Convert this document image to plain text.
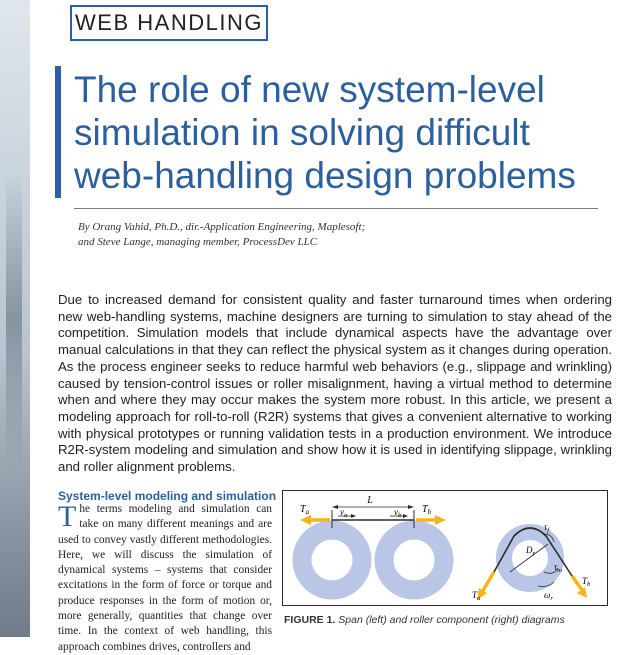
WEB HANDLING
The role of new system-level
simulation in solving difficult
web-handling design problems
By Orang Vahid, Ph.D., dir.-Application Engineering, Maplesoft;
and Steve Lange, managing member, ProcessDev LLC

Due to increased demand for consistent quality and faster turnaround times when ordering new web-handling systems, machine designers are turning to simulation to stay ahead of the competition. Simulation models that include dynamical aspects have the advantage over manual calculations in that they can reflect the physical system as it changes during operation. As the process engineer seeks to reduce harmful web behaviors (e.g., slippage and wrinkling) caused by tension-control issues or roller misalignment, having a virtual method to determine when and where they may occur makes the system more robust. In this article, we present a modeling approach for roll-to-roll (R2R) systems that gives a convenient alternative to working with physical prototypes or running validation tests in a production environment. We introduce R2R-system modeling and simulation and show how it is used in identifying slippage, wrinkling and roller alignment problems.

System-level modeling and simulation

The terms modeling and simulation can take on many different meanings and are used to convey vastly different methodologies. Here, we will discuss the simulation of dynamical systems – systems that consider excitations in the form of force or torque and produce responses in the form of motion or, more generally, quantities that change over time. In the context of web handling, this approach combines drives, controllers and

L
$T_a$	$T_b$
$v_a$	$v_b$
$T_a$
$T_b$
$D_r$
$\tau_f$
$\tau_m$
$\omega_r$
FIGURE 1. Span (left) and roller component (right) diagrams
